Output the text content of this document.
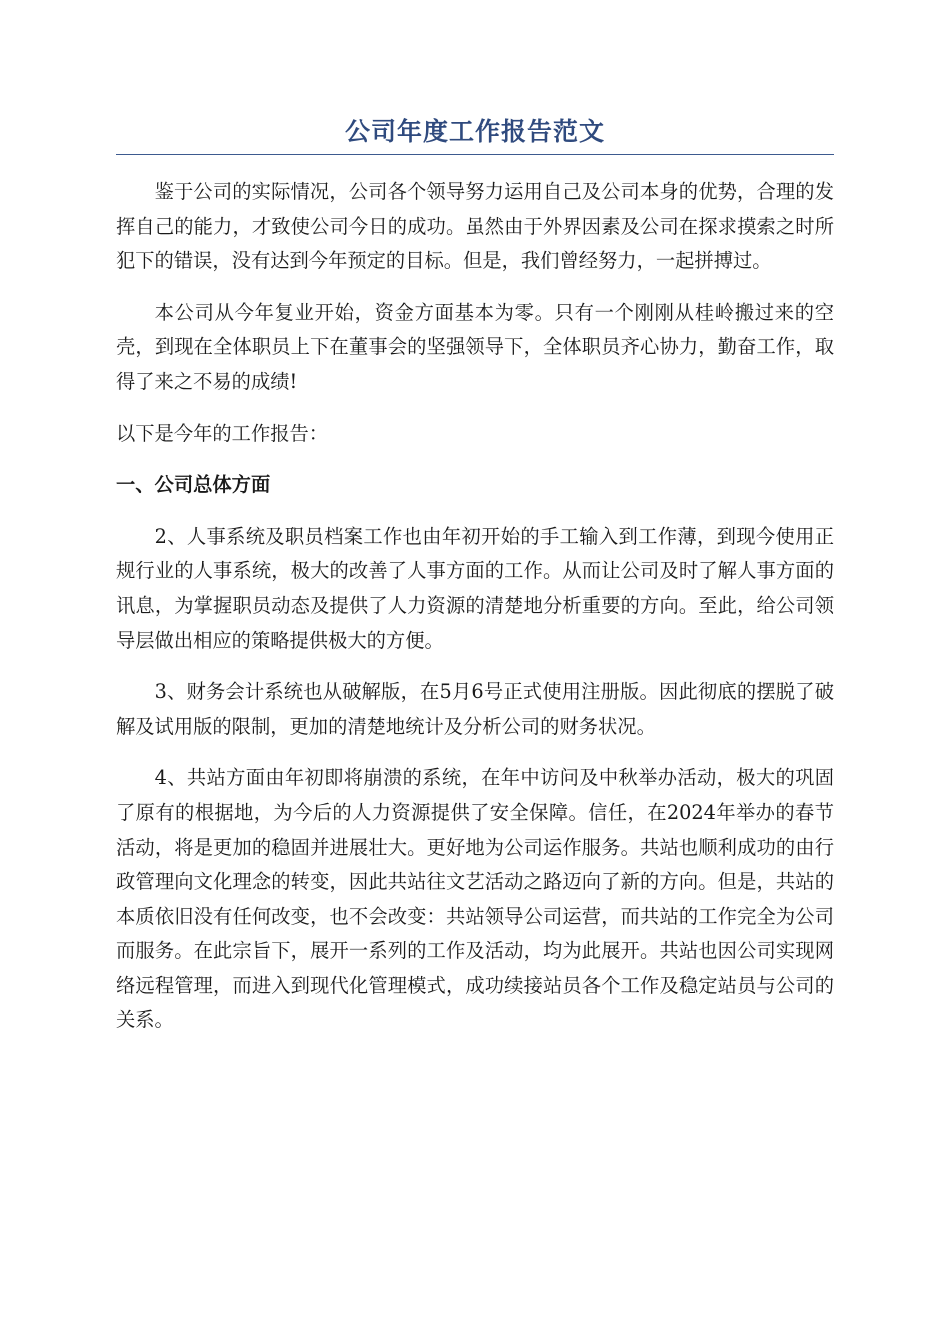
公司年度工作报告范文

鉴于公司的实际情况，公司各个领导努力运用自己及公司本身的优势，合理的发挥自己的能力，才致使公司今日的成功。虽然由于外界因素及公司在探求摸索之时所犯下的错误，没有达到今年预定的目标。但是，我们曾经努力，一起拼搏过。

本公司从今年复业开始，资金方面基本为零。只有一个刚刚从桂岭搬过来的空壳，到现在全体职员上下在董事会的坚强领导下，全体职员齐心协力，勤奋工作，取得了来之不易的成绩!

以下是今年的工作报告：

一、公司总体方面

2、人事系统及职员档案工作也由年初开始的手工输入到工作薄，到现今使用正规行业的人事系统，极大的改善了人事方面的工作。从而让公司及时了解人事方面的讯息，为掌握职员动态及提供了人力资源的清楚地分析重要的方向。至此，给公司领导层做出相应的策略提供极大的方便。

3、财务会计系统也从破解版，在5月6号正式使用注册版。因此彻底的摆脱了破解及试用版的限制，更加的清楚地统计及分析公司的财务状况。

4、共站方面由年初即将崩溃的系统，在年中访问及中秋举办活动，极大的巩固了原有的根据地，为今后的人力资源提供了安全保障。信任，在2024年举办的春节活动，将是更加的稳固并进展壮大。更好地为公司运作服务。共站也顺利成功的由行政管理向文化理念的转变，因此共站往文艺活动之路迈向了新的方向。但是，共站的本质依旧没有任何改变，也不会改变：共站领导公司运营，而共站的工作完全为公司而服务。在此宗旨下，展开一系列的工作及活动，均为此展开。共站也因公司实现网络远程管理，而进入到现代化管理模式，成功续接站员各个工作及稳定站员与公司的关系。
